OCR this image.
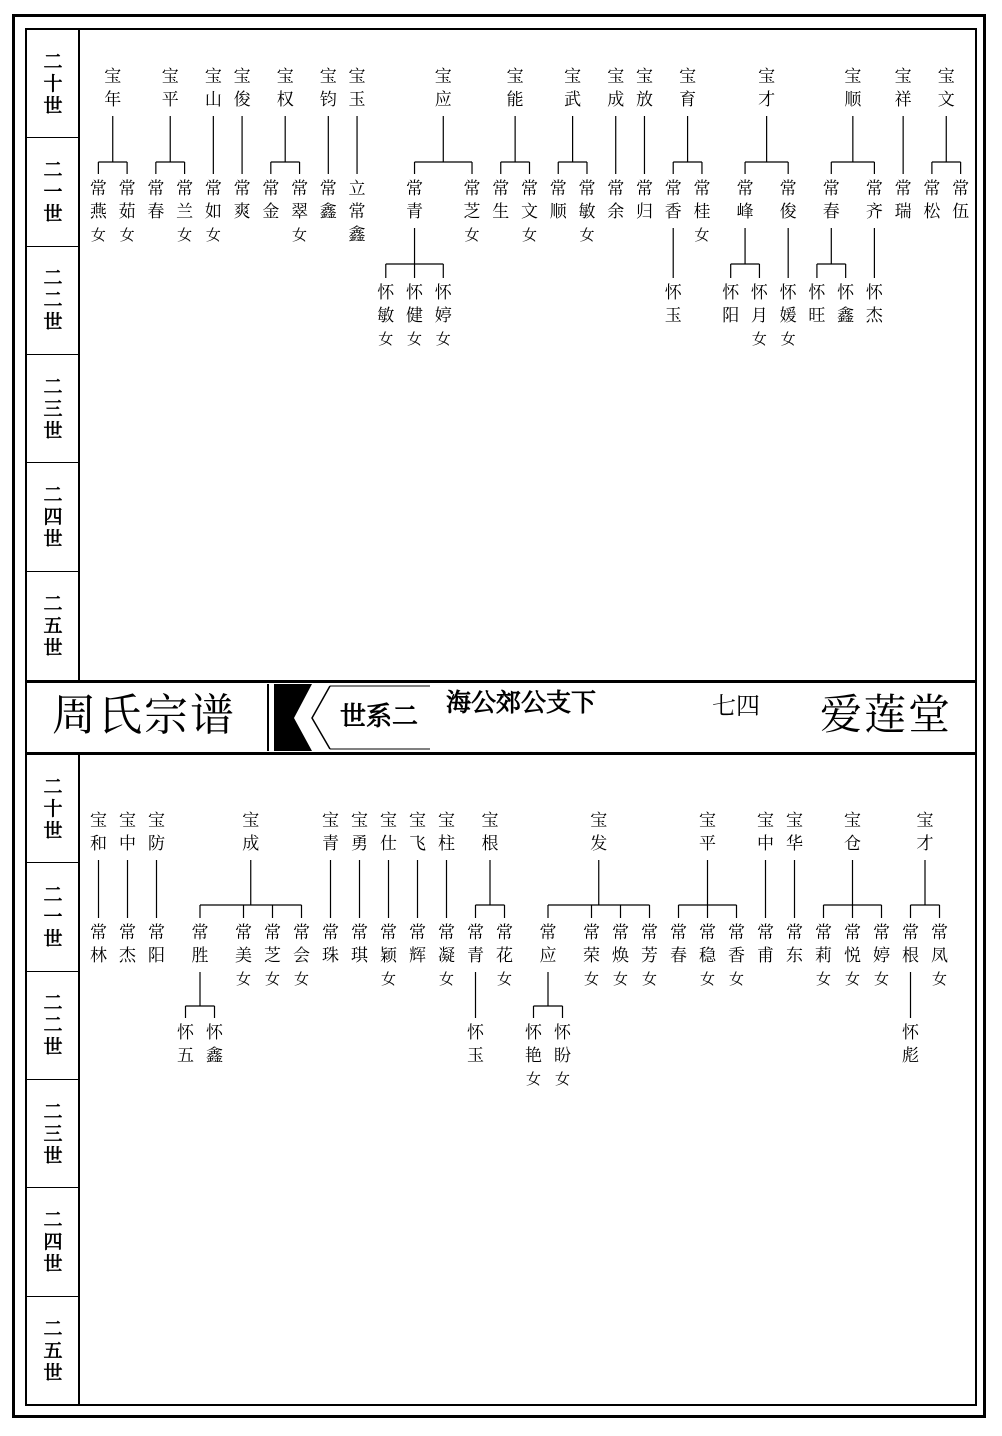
二
十
世
二
一
世
二
二
世
二
三
世
二
四
世
二
五
世
二
十
世
二
一
世
二
二
世
二
三
世
二
四
世
二
五
世
周氏宗谱	世系二 海公郊公支下	七四 爱莲堂
常
燕
女
常
茹
女
宝
年
常
春
常
兰
女
宝
平
常
如
女
宝
山
常
爽
宝
俊
常
金
常
翠
女
宝
权
常
鑫
宝
钧
立
常
鑫
宝
玉
怀
敏
女
怀
健
女
怀
婷
女
常
青
常
芝
女
宝
应
常
生
常
文
女
宝
能
常
顺
常
敏
女
宝
武
常
余
宝
成
常
归
宝
放
怀
玉
常
香
常
桂
女
宝
育
怀
阳
怀
月
女
常
峰
怀
媛
女
常
俊
宝
才
怀
旺
怀
鑫
常
春
怀
杰
常
齐
宝
顺
常
瑞
宝
祥
常
松
常
伍
宝
文
常
林
宝
和
常
杰
宝
中
常
阳
宝
防
怀
五
怀
鑫
常
胜
常
美
女
常
芝
女
常
会
女
宝
成
常
珠
宝
青
常
琪
宝
勇
常
颖
女
宝
仕
常
辉
宝
飞
常
凝
女
宝
柱
怀
玉
常
青
常
花
女
宝
根
怀
艳
女
怀
盼
女
常
应
常
荣
女
常
焕
女
常
芳
女
宝
发
常
春
常
稳
女
常
香
女
宝
平
常
甫
宝
中
常
东
宝
华
常
莉
女
常
悦
女
常
婷
女
宝
仓
怀
彪
常
根
常
凤
女
宝
才
